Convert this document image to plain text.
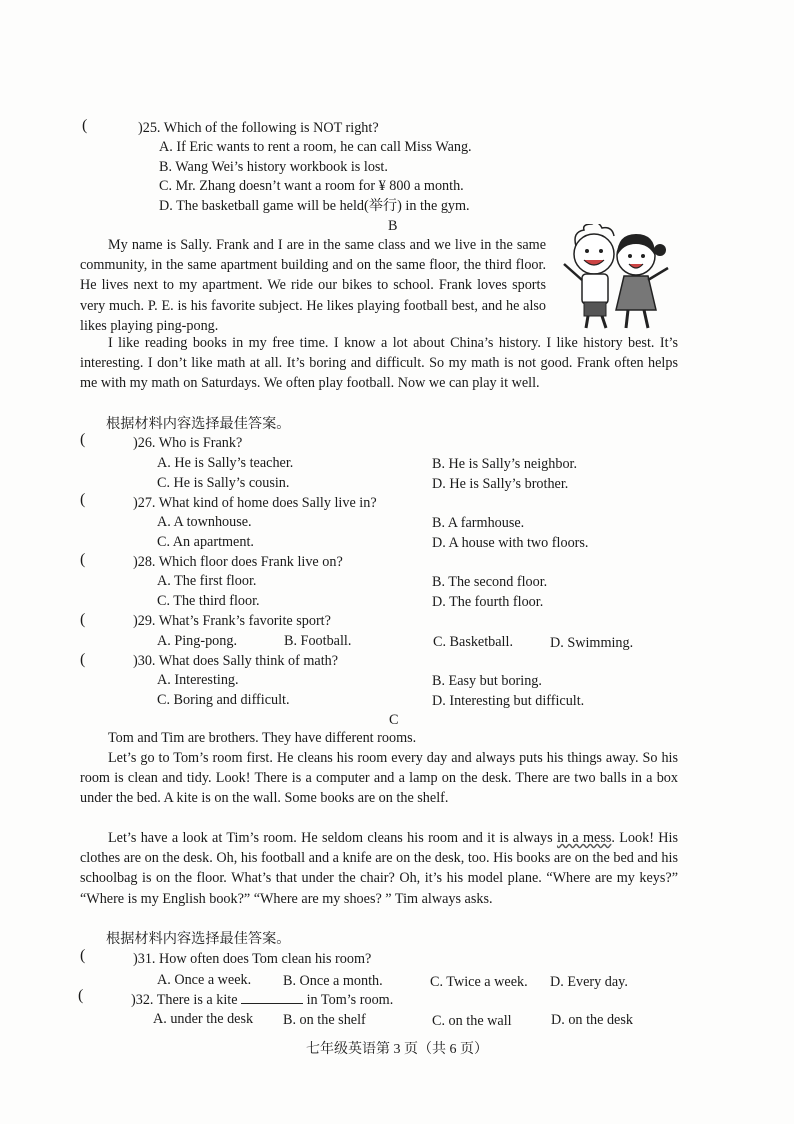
(	)25. Which of the following is NOT right?
A. If Eric wants to rent a room, he can call Miss Wang.
B. Wang Wei’s history workbook is lost.
C. Mr. Zhang doesn’t want a room for ¥ 800 a month.
D. The basketball game will be held(举行) in the gym.
B
My name is Sally. Frank and I are in the same class and we live in the same community, in the same apartment building and on the same floor, the third floor. He lives next to my apartment. We ride our bikes to school. Frank loves sports very much. P. E. is his favorite subject. He likes playing football best, and he also likes playing ping-pong.
I like reading books in my free time. I know a lot about China’s history. I like history best. It’s interesting. I don’t like math at all. It’s boring and difficult. So my math is not good. Frank often helps me with my math on Saturdays. We often play football. Now we can play it well.
根据材料内容选择最佳答案。
(	)26. Who is Frank?
A. He is Sally’s teacher.	B. He is Sally’s neighbor.
C. He is Sally’s cousin.	D. He is Sally’s brother.
(	)27. What kind of home does Sally live in?
A. A townhouse.	B. A farmhouse.
C. An apartment.	D. A house with two floors.
(	)28. Which floor does Frank live on?
A. The first floor.	B. The second floor.
C. The third floor.	D. The fourth floor.
(	)29. What’s Frank’s favorite sport?
A. Ping-pong.	B. Football.	C. Basketball.	D. Swimming.
(	)30. What does Sally think of math?
A. Interesting.	B. Easy but boring.
C. Boring and difficult.	D. Interesting but difficult.
C
Tom and Tim are brothers. They have different rooms.
Let’s go to Tom’s room first. He cleans his room every day and always puts his things away. So his room is clean and tidy. Look! There is a computer and a lamp on the desk. There are two balls in a box under the bed. A kite is on the wall. Some books are on the shelf.
Let’s have a look at Tim’s room. He seldom cleans his room and it is always in a mess. Look! His clothes are on the desk. Oh, his football and a knife are on the desk, too. His books are on the bed and his schoolbag is on the floor. What’s that under the chair? Oh, it’s his model plane. “Where are my keys?” “Where is my English book?” “Where are my shoes? ” Tim always asks.
根据材料内容选择最佳答案。
(	)31. How often does Tom clean his room?
A. Once a week. B. Once a month.	C. Twice a week. D. Every day.
(	)32. There is a kite	in Tom’s room.
A. under the desk B. on the shelf	C. on the wall	D. on the desk
七年级英语第 3 页（共 6 页）
